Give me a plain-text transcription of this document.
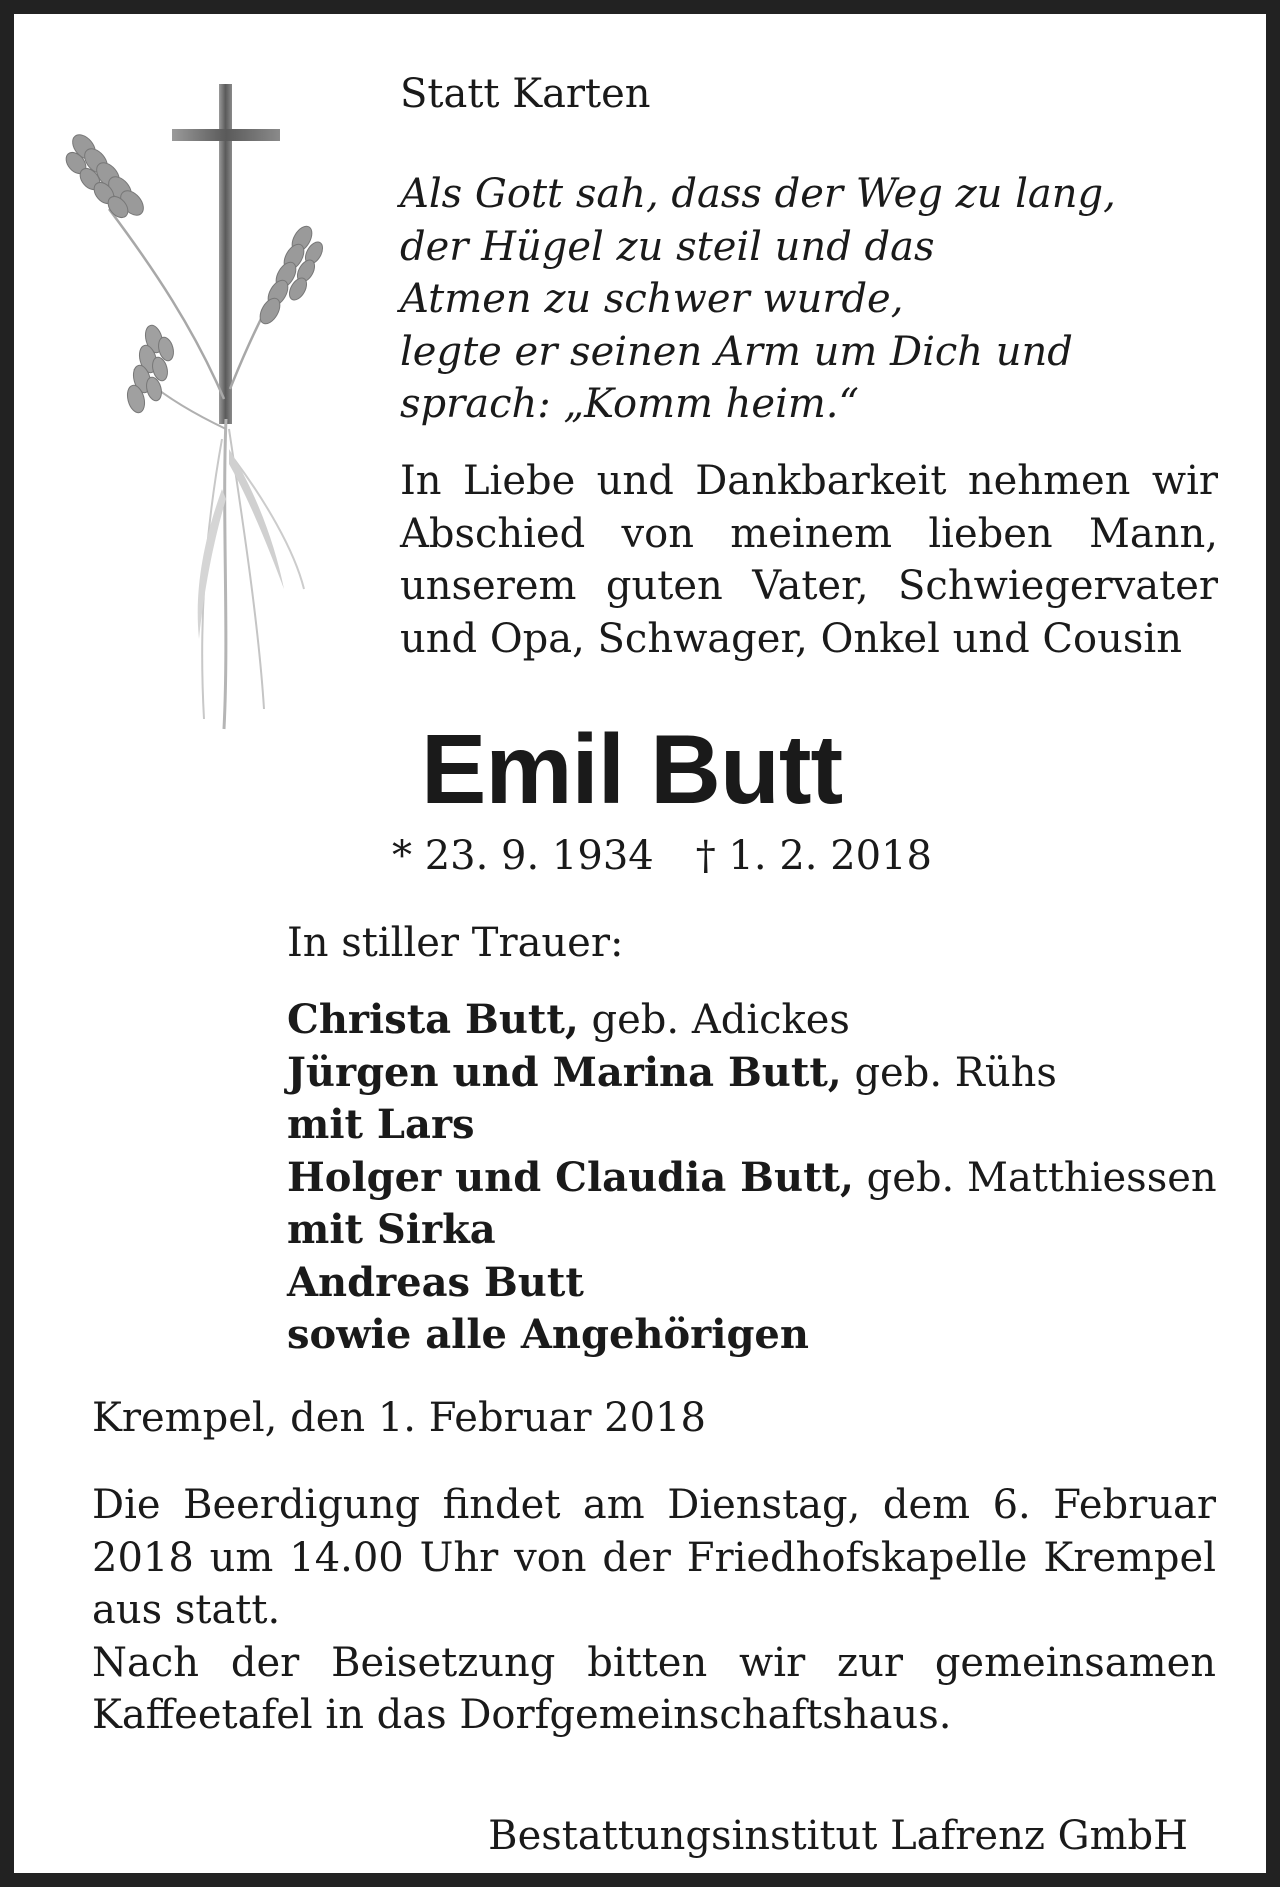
Statt Karten
Als Gott sah, dass der Weg zu lang,
der Hügel zu steil und das
Atmen zu schwer wurde,
legte er seinen Arm um Dich und
sprach: „Komm heim.“
In Liebe und Dankbarkeit nehmen wir
Abschied von meinem lieben Mann,
unserem guten Vater, Schwiegervater
und Opa, Schwager, Onkel und Cousin
Emil Butt
* 23. 9. 1934 † 1. 2. 2018
In stiller Trauer:
Christa Butt, geb. Adickes
Jürgen und Marina Butt, geb. Rühs
mit Lars
Holger und Claudia Butt, geb. Matthiessen
mit Sirka
Andreas Butt
sowie alle Angehörigen
Krempel, den 1. Februar 2018
Die Beerdigung findet am Dienstag, dem 6. Februar
2018 um 14.00 Uhr von der Friedhofskapelle Krempel
aus statt.
Nach der Beisetzung bitten wir zur gemeinsamen
Kaffeetafel in das Dorfgemeinschaftshaus.
Bestattungsinstitut Lafrenz GmbH
